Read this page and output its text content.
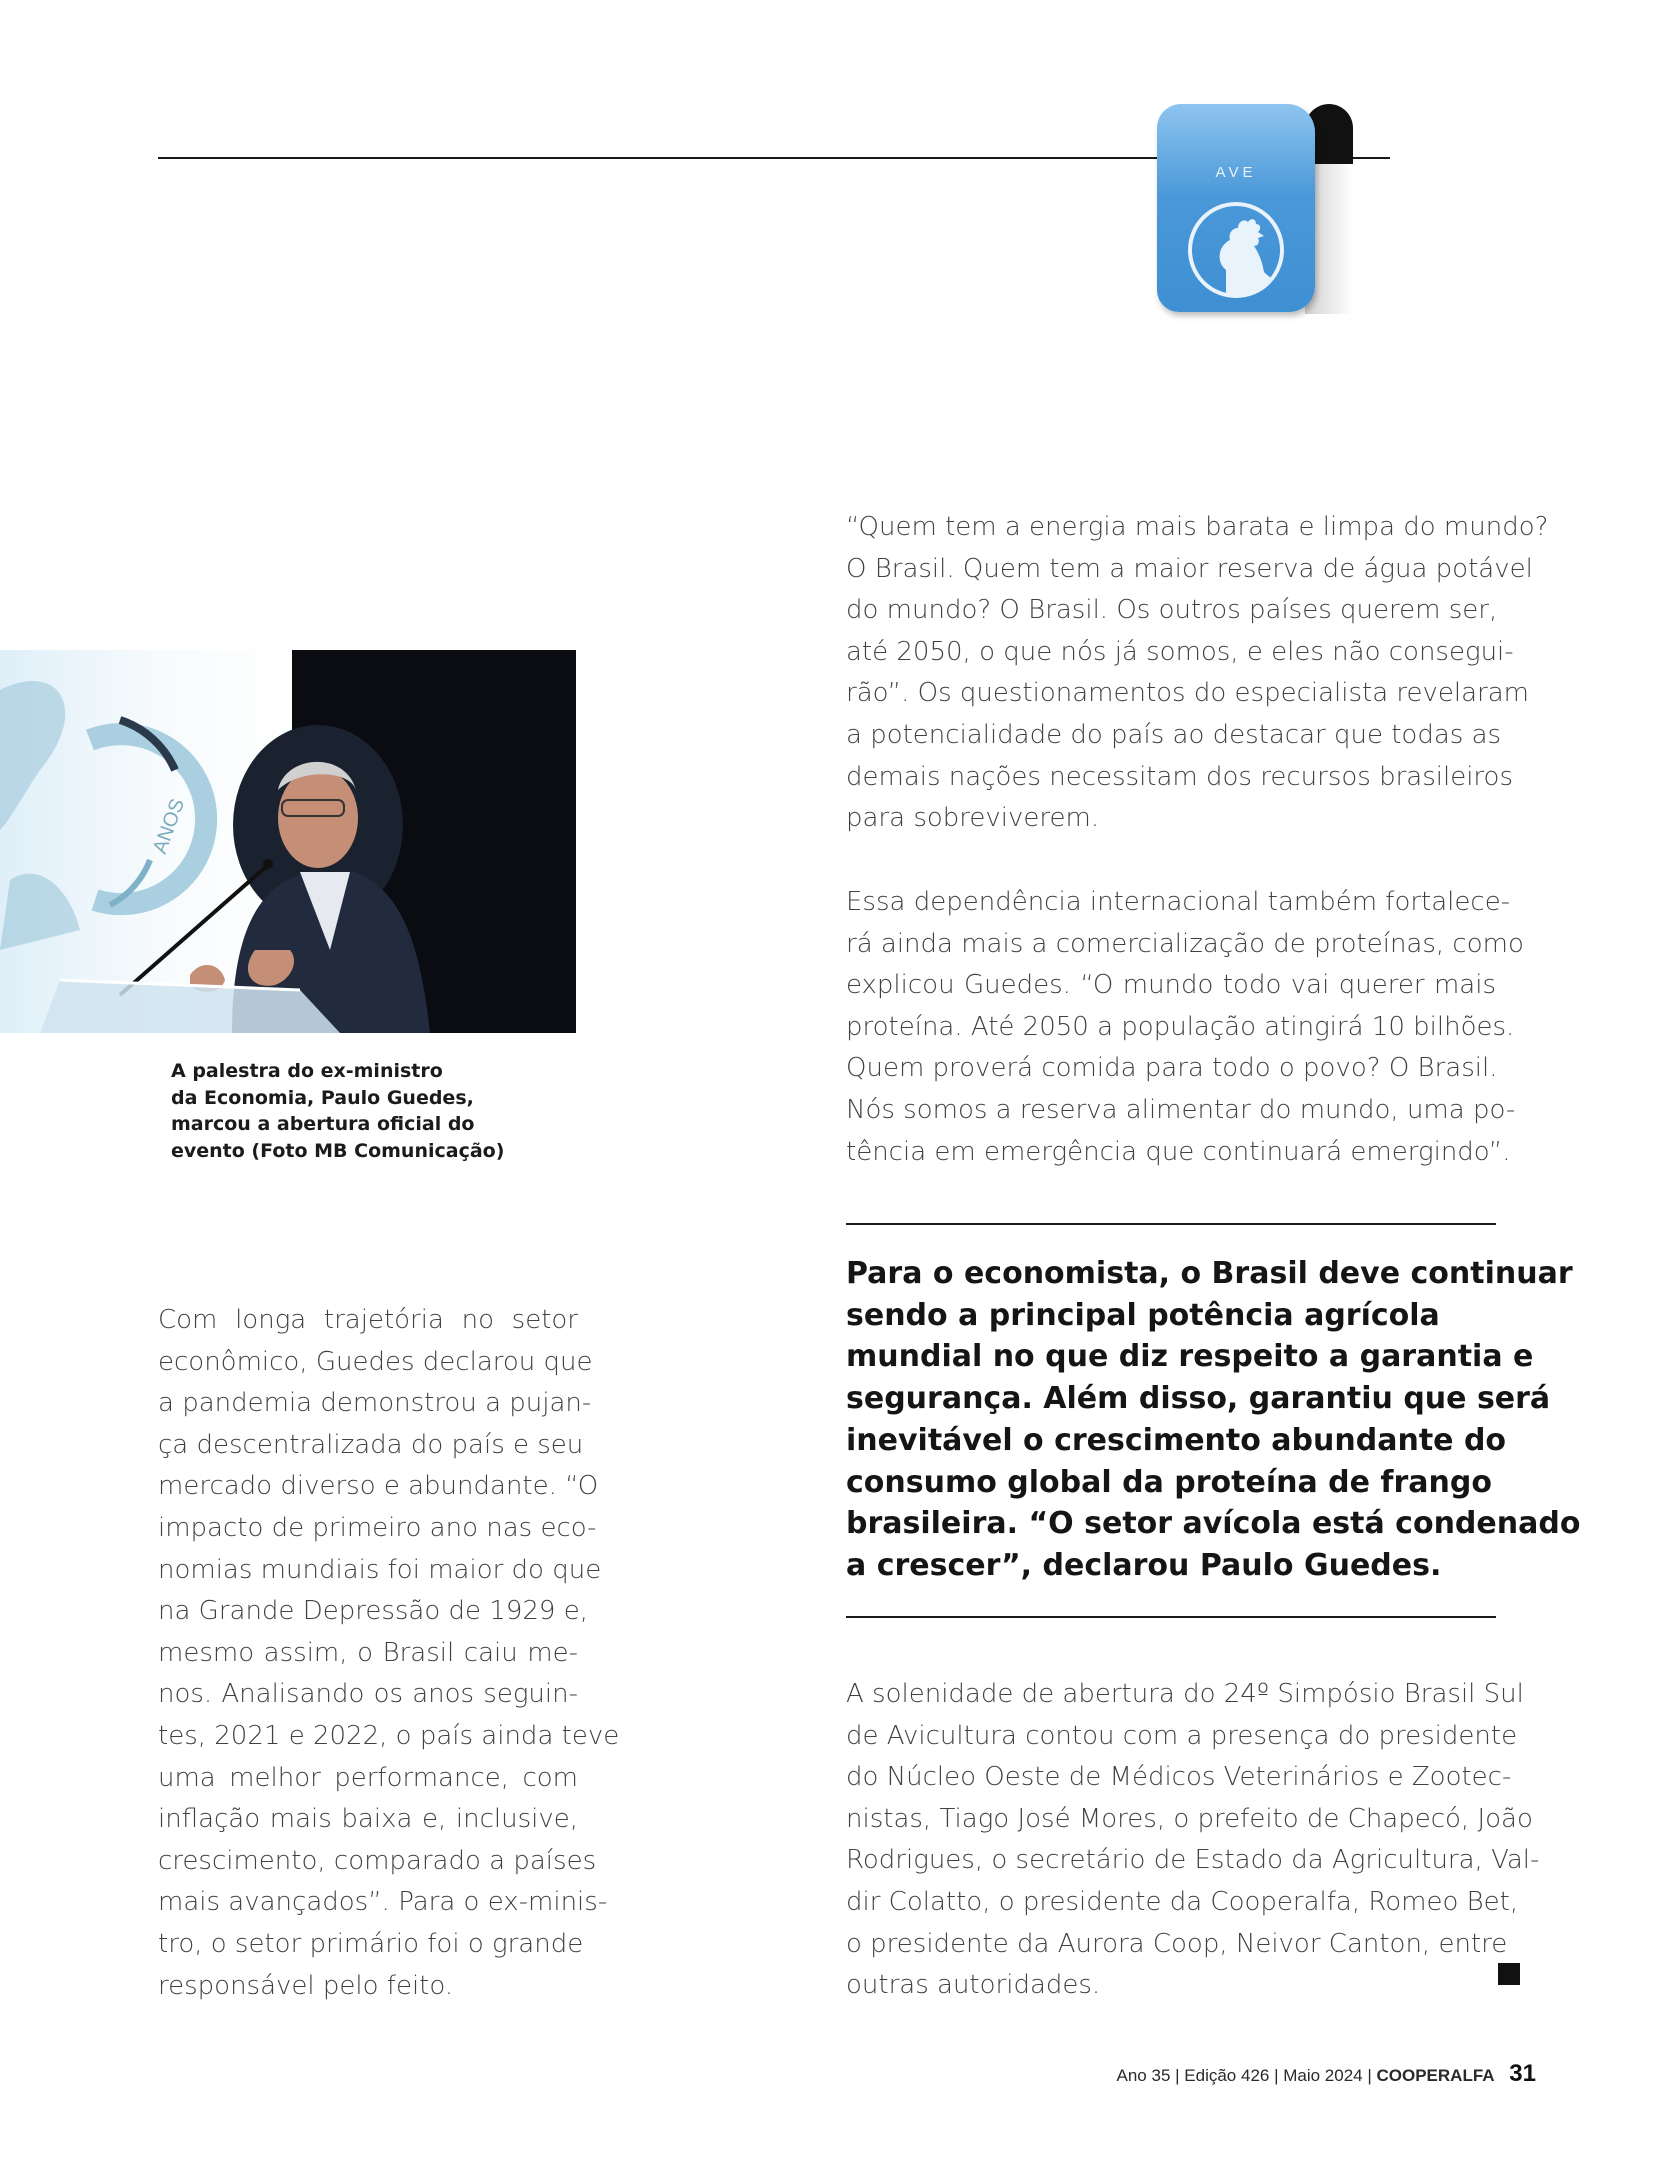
AVE
ANOS
A palestra do ex-ministro
da Economia, Paulo Guedes,
marcou a abertura oficial do
evento (Foto MB Comunicação)
“Quem tem a energia mais barata e limpa do mundo?
O Brasil. Quem tem a maior reserva de água potável
do mundo? O Brasil. Os outros países querem ser,
até 2050, o que nós já somos, e eles não consegui-
rão”. Os questionamentos do especialista revelaram
a potencialidade do país ao destacar que todas as
demais nações necessitam dos recursos brasileiros
para sobreviverem.
Essa dependência internacional também fortalece-
rá ainda mais a comercialização de proteínas, como
explicou Guedes. “O mundo todo vai querer mais
proteína. Até 2050 a população atingirá 10 bilhões.
Quem proverá comida para todo o povo? O Brasil.
Nós somos a reserva alimentar do mundo, uma po-
tência em emergência que continuará emergindo”.
Para o economista, o Brasil deve continuar
sendo a principal potência agrícola
mundial no que diz respeito a garantia e
segurança. Além disso, garantiu que será
inevitável o crescimento abundante do
consumo global da proteína de frango
brasileira. “O setor avícola está condenado
a crescer”, declarou Paulo Guedes.
A solenidade de abertura do 24º Simpósio Brasil Sul
de Avicultura contou com a presença do presidente
do Núcleo Oeste de Médicos Veterinários e Zootec-
nistas, Tiago José Mores, o prefeito de Chapecó, João
Rodrigues, o secretário de Estado da Agricultura, Val-
dir Colatto, o presidente da Cooperalfa, Romeo Bet,
o presidente da Aurora Coop, Neivor Canton, entre
outras autoridades.
Com longa trajetória no setor
econômico, Guedes declarou que
a pandemia demonstrou a pujan-
ça descentralizada do país e seu
mercado diverso e abundante. “O
impacto de primeiro ano nas eco-
nomias mundiais foi maior do que
na Grande Depressão de 1929 e,
mesmo assim, o Brasil caiu me-
nos. Analisando os anos seguin-
tes, 2021 e 2022, o país ainda teve
uma melhor performance, com
inflação mais baixa e, inclusive,
crescimento, comparado a países
mais avançados”. Para o ex-minis-
tro, o setor primário foi o grande
responsável pelo feito.
Ano 35 | Edição 426 | Maio 2024 | COOPERALFA 31
